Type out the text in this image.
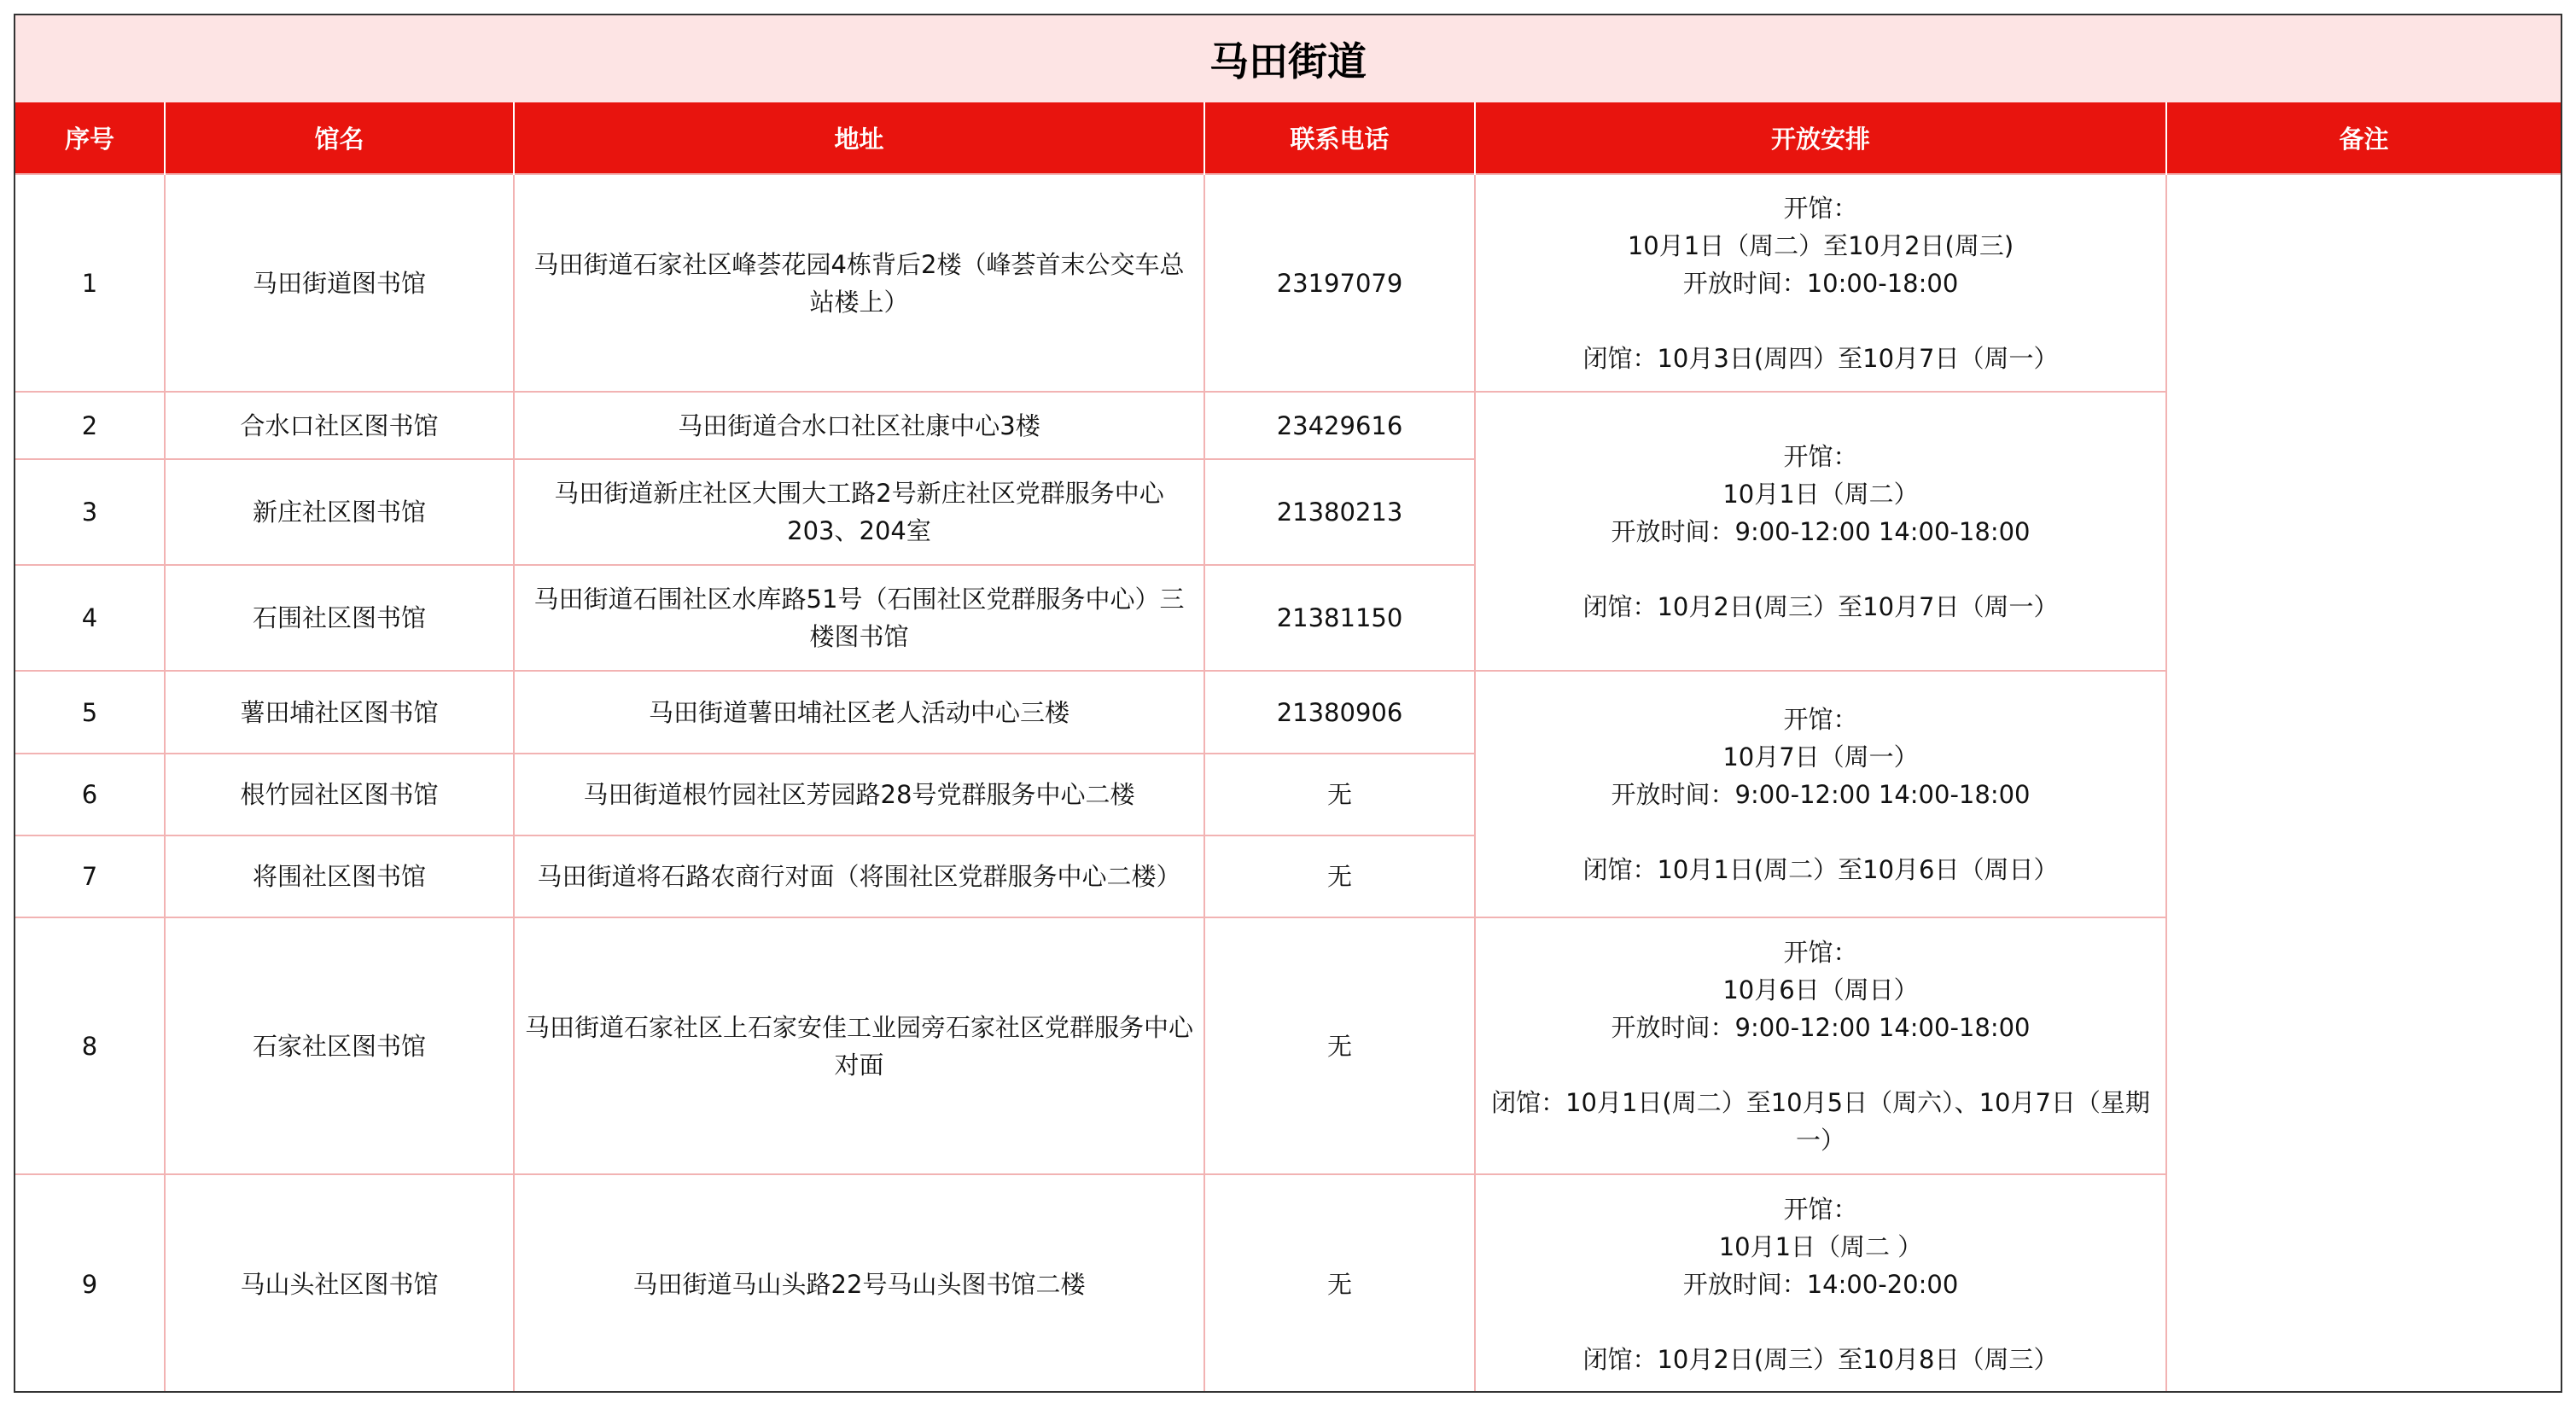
马田街道
序号	馆名	地址	联系电话	开放安排	备注
1	马田街道图书馆	马田街道石家社区峰荟花园4栋背后2楼（峰荟首末公交车总站楼上）	23197079	开馆：
10月1日（周二）至10月2日(周三)
开放时间：10:00-18:00
闭馆：10月3日(周四）至10月7日（周一）	

2	合水口社区图书馆	马田街道合水口社区社康中心3楼	23429616	开馆：
10月1日（周二）
开放时间：9:00-12:00 14:00-18:00
闭馆：10月2日(周三）至10月7日（周一）	

3	新庄社区图书馆	马田街道新庄社区大围大工路2号新庄社区党群服务中心203、204室	21380213		
4	石围社区图书馆	马田街道石围社区水库路51号（石围社区党群服务中心）三楼图书馆	21381150		
5	薯田埔社区图书馆	马田街道薯田埔社区老人活动中心三楼	21380906	开馆：
10月7日（周一）
开放时间：9:00-12:00 14:00-18:00
闭馆：10月1日(周二）至10月6日（周日）	

6	根竹园社区图书馆	马田街道根竹园社区芳园路28号党群服务中心二楼	无		
7	将围社区图书馆	马田街道将石路农商行对面（将围社区党群服务中心二楼）	无		
8	石家社区图书馆	马田街道石家社区上石家安佳工业园旁石家社区党群服务中心对面	无	开馆：
10月6日（周日）
开放时间：9:00-12:00 14:00-18:00
闭馆：10月1日(周二）至10月5日（周六）、10月7日（星期一）	

9	马山头社区图书馆	马田街道马山头路22号马山头图书馆二楼	无	开馆：
10月1日（周二 ）
开放时间：14:00-20:00
闭馆：10月2日(周三）至10月8日（周三）	
